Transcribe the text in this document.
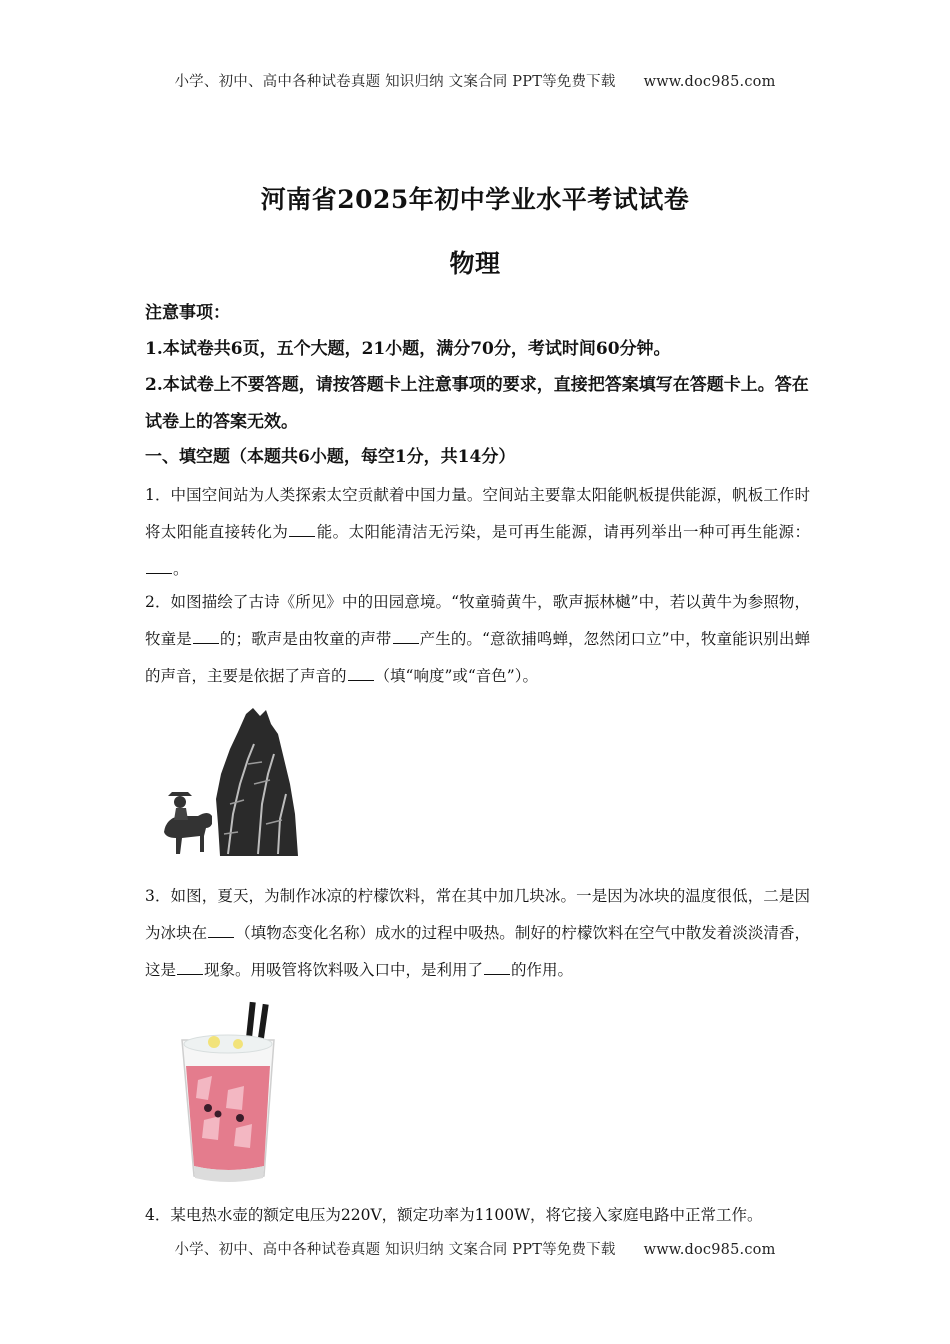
小学、初中、高中各种试卷真题 知识归纳 文案合同 PPT等免费下载 www.doc985.com
河南省2025年初中学业水平考试试卷
物理
注意事项：
1.本试卷共6页，五个大题，21小题，满分70分，考试时间60分钟。
2.本试卷上不要答题，请按答题卡上注意事项的要求，直接把答案填写在答题卡上。答在试卷上的答案无效。
一、填空题（本题共6小题，每空1分，共14分）
1．中国空间站为人类探索太空贡献着中国力量。空间站主要靠太阳能帆板提供能源，帆板工作时将太阳能直接转化为 能。太阳能清洁无污染，是可再生能源，请再列举出一种可再生能源：。
2．如图描绘了古诗《所见》中的田园意境。“牧童骑黄牛，歌声振林樾”中，若以黄牛为参照物，牧童是 的；歌声是由牧童的声带 产生的。“意欲捕鸣蝉，忽然闭口立”中，牧童能识别出蝉的声音，主要是依据了声音的 （填“响度”或“音色”）。
3．如图，夏天，为制作冰凉的柠檬饮料，常在其中加几块冰。一是因为冰块的温度很低，二是因为冰块在 （填物态变化名称）成水的过程中吸热。制好的柠檬饮料在空气中散发着淡淡清香，这是 现象。用吸管将饮料吸入口中，是利用了 的作用。
4．某电热水壶的额定电压为220V，额定功率为1100W，将它接入家庭电路中正常工作。
小学、初中、高中各种试卷真题 知识归纳 文案合同 PPT等免费下载 www.doc985.com
